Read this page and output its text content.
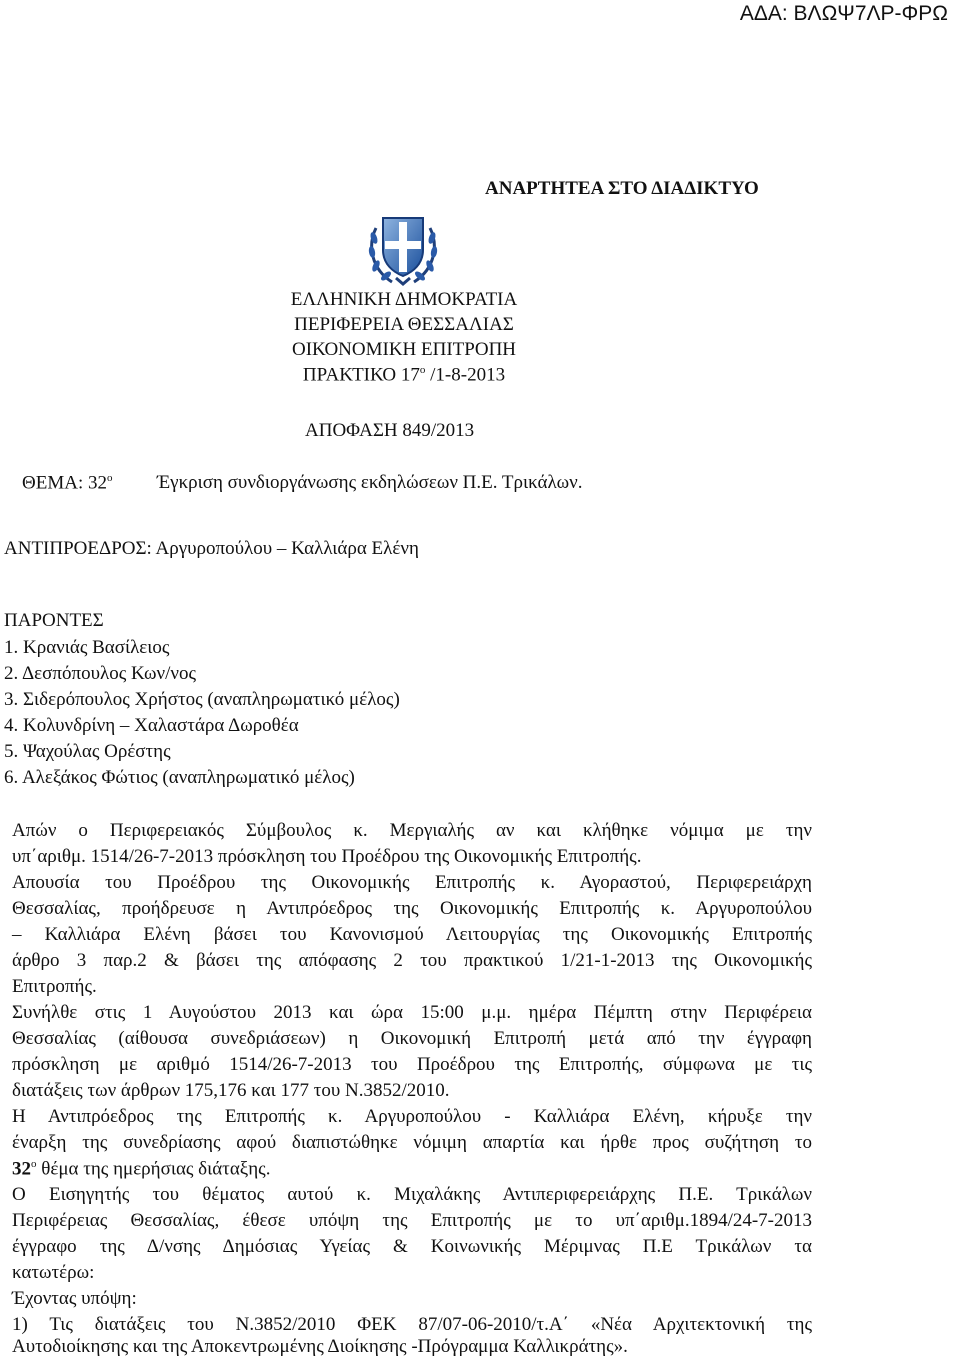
ΑΔΑ: ΒΛΩΨ7ΛΡ-ΦΡΩ
ΑΝΑΡΤΗΤΕΑ ΣΤΟ ΔΙΑΔΙΚΤΥΟ
ΕΛΛΗΝΙΚΗ ΔΗΜΟΚΡΑΤΙΑ
ΠΕΡΙΦΕΡΕΙΑ ΘΕΣΣΑΛΙΑΣ
ΟΙΚΟΝΟΜΙΚΗ ΕΠΙΤΡΟΠΗ
ΠΡΑΚΤΙΚΟ $17^o$ /1-8-2013
ΑΠΟΦΑΣΗ 849/2013
ΘΕΜΑ: $32^o$ Έγκριση συνδιοργάνωσης εκδηλώσεων Π.Ε. Τρικάλων.
ΑΝΤΙΠΡΟΕΔΡΟΣ: Αργυροπούλου – Καλλιάρα Ελένη
ΠΑΡΟΝΤΕΣ
1. Κρανιάς Βασίλειος
2. Δεσπόπουλος Κων/νος
3. Σιδερόπουλος Χρήστος (αναπληρωματικό μέλος)
4. Κολυνδρίνη – Χαλαστάρα Δωροθέα
5. Ψαχούλας Ορέστης
6. Αλεξάκος Φώτιος (αναπληρωματικό μέλος)
Απών ο Περιφερειακός Σύμβουλος κ. Μεργιαλής αν και κλήθηκε νόμιμα με την
υπ΄αριθμ. 1514/26-7-2013 πρόσκληση του Προέδρου της Οικονομικής Επιτροπής.
Απουσία του Προέδρου της Οικονομικής Επιτροπής κ. Αγοραστού, Περιφερειάρχη
Θεσσαλίας, προήδρευσε η Αντιπρόεδρος της Οικονομικής Επιτροπής κ. Αργυροπούλου
– Καλλιάρα Ελένη βάσει του Κανονισμού Λειτουργίας της Οικονομικής Επιτροπής
άρθρο 3 παρ.2 & βάσει της απόφασης 2 του πρακτικού 1/21-1-2013 της Οικονομικής
Επιτροπής.
Συνήλθε στις 1 Αυγούστου 2013 και ώρα 15:00 μ.μ. ημέρα Πέμπτη στην Περιφέρεια
Θεσσαλίας (αίθουσα συνεδριάσεων) η Οικονομική Επιτροπή μετά από την έγγραφη
πρόσκληση με αριθμό 1514/26-7-2013 του Προέδρου της Επιτροπής, σύμφωνα με τις
διατάξεις των άρθρων 175,176 και 177 του Ν.3852/2010.
Η Αντιπρόεδρος της Επιτροπής κ. Αργυροπούλου - Καλλιάρα Ελένη, κήρυξε την
έναρξη της συνεδρίασης αφού διαπιστώθηκε νόμιμη απαρτία και ήρθε προς συζήτηση το
$32^o$ θέμα της ημερήσιας διάταξης.
Ο Εισηγητής του θέματος αυτού κ. Μιχαλάκης Αντιπεριφερειάρχης Π.Ε. Τρικάλων
Περιφέρειας Θεσσαλίας, έθεσε υπόψη της Επιτροπής με το υπ΄αριθμ.1894/24-7-2013
έγγραφο της Δ/νσης Δημόσιας Υγείας & Κοινωνικής Μέριμνας Π.Ε Τρικάλων τα
κατωτέρω:
Έχοντας υπόψη:
1) Τις διατάξεις του Ν.3852/2010 ΦΕΚ 87/07-06-2010/τ.Α΄ «Νέα Αρχιτεκτονική της
Αυτοδιοίκησης και της Αποκεντρωμένης Διοίκησης -Πρόγραμμα Καλλικράτης».
